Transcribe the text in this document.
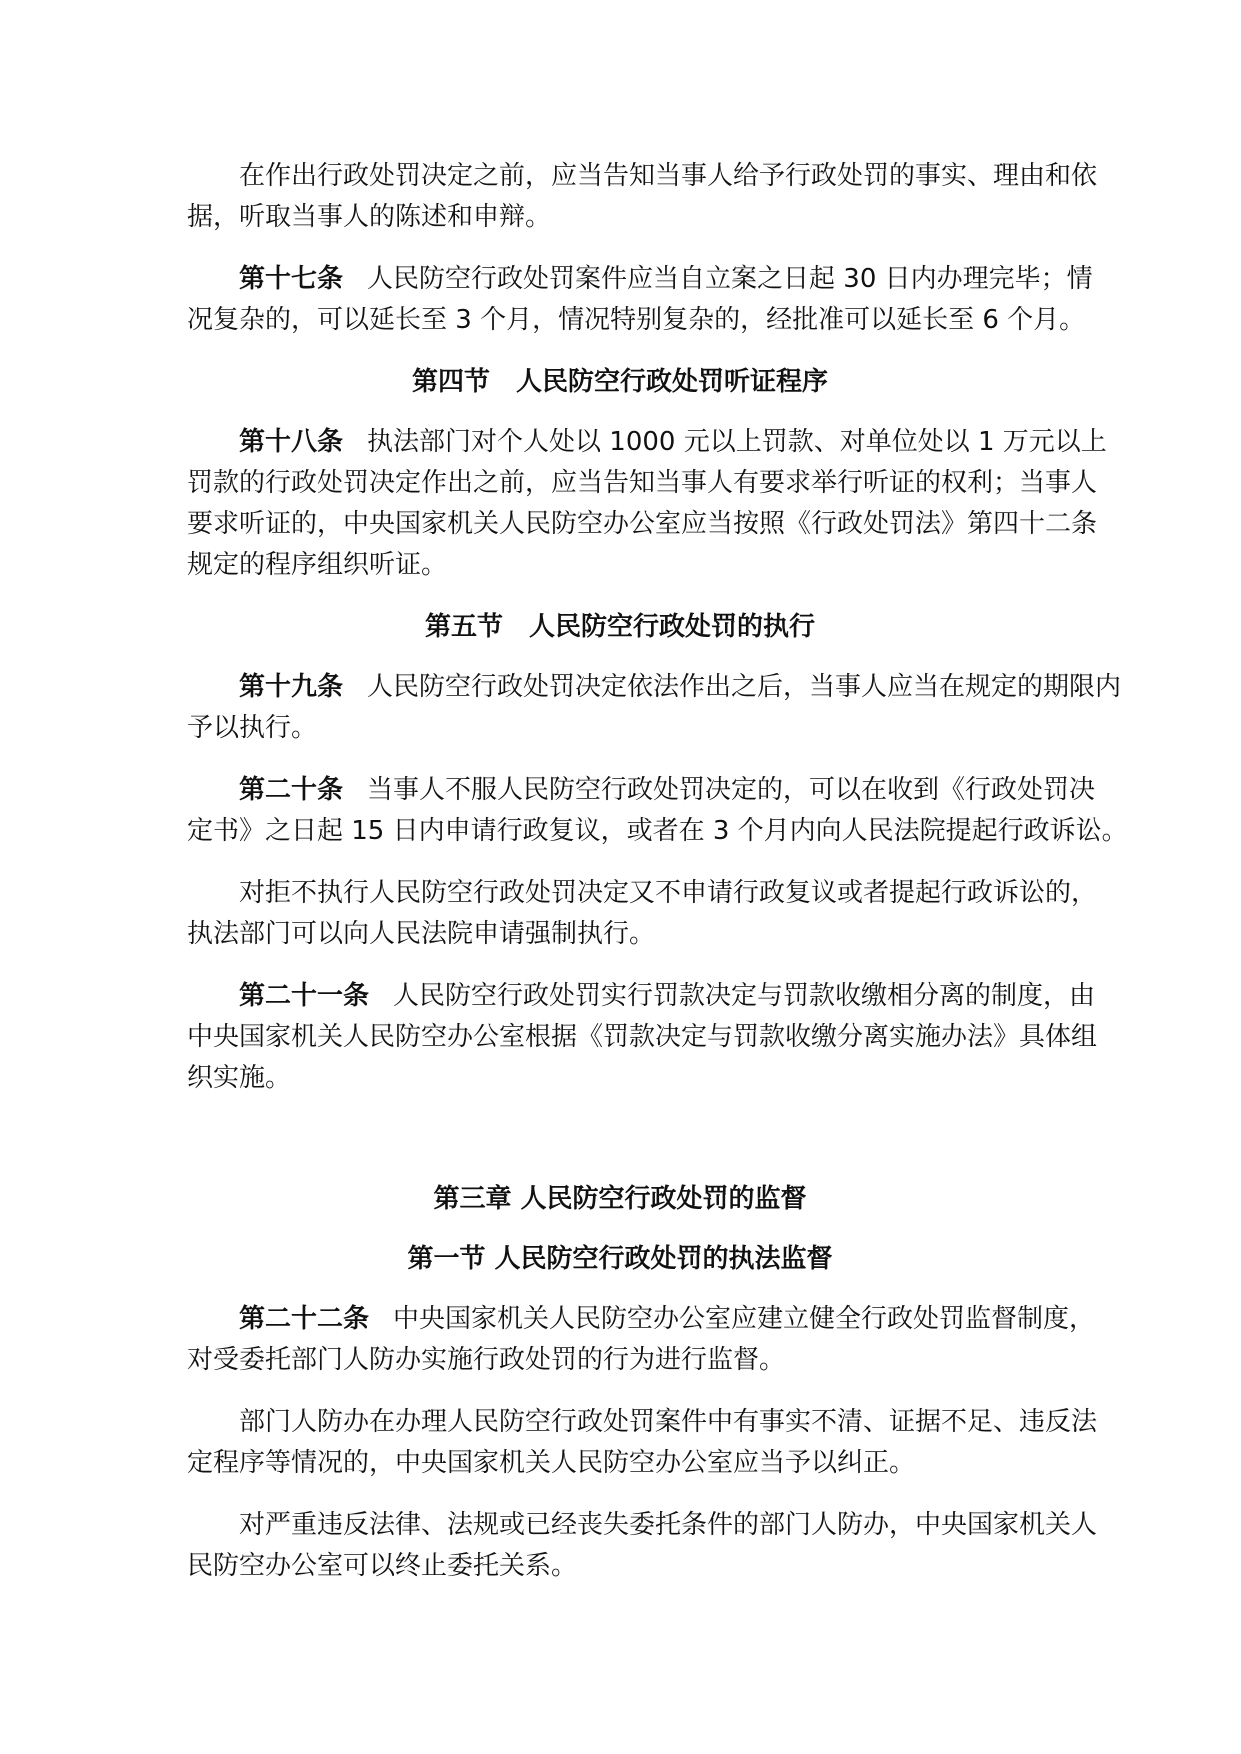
在作出行政处罚决定之前，应当告知当事人给予行政处罚的事实、理由和依
据，听取当事人的陈述和申辩。
第十七条 人民防空行政处罚案件应当自立案之日起 30 日内办理完毕；情
况复杂的，可以延长至 3 个月，情况特别复杂的，经批准可以延长至 6 个月。
第四节　人民防空行政处罚听证程序
第十八条 执法部门对个人处以 1000 元以上罚款、对单位处以 1 万元以上
罚款的行政处罚决定作出之前，应当告知当事人有要求举行听证的权利；当事人
要求听证的，中央国家机关人民防空办公室应当按照《行政处罚法》第四十二条
规定的程序组织听证。
第五节　人民防空行政处罚的执行
第十九条 人民防空行政处罚决定依法作出之后，当事人应当在规定的期限内
予以执行。
第二十条 当事人不服人民防空行政处罚决定的，可以在收到《行政处罚决
定书》之日起 15 日内申请行政复议，或者在 3 个月内向人民法院提起行政诉讼。
对拒不执行人民防空行政处罚决定又不申请行政复议或者提起行政诉讼的，
执法部门可以向人民法院申请强制执行。
第二十一条 人民防空行政处罚实行罚款决定与罚款收缴相分离的制度，由
中央国家机关人民防空办公室根据《罚款决定与罚款收缴分离实施办法》具体组
织实施。
第三章 人民防空行政处罚的监督
第一节 人民防空行政处罚的执法监督
第二十二条 中央国家机关人民防空办公室应建立健全行政处罚监督制度，
对受委托部门人防办实施行政处罚的行为进行监督。
部门人防办在办理人民防空行政处罚案件中有事实不清、证据不足、违反法
定程序等情况的，中央国家机关人民防空办公室应当予以纠正。
对严重违反法律、法规或已经丧失委托条件的部门人防办，中央国家机关人
民防空办公室可以终止委托关系。
